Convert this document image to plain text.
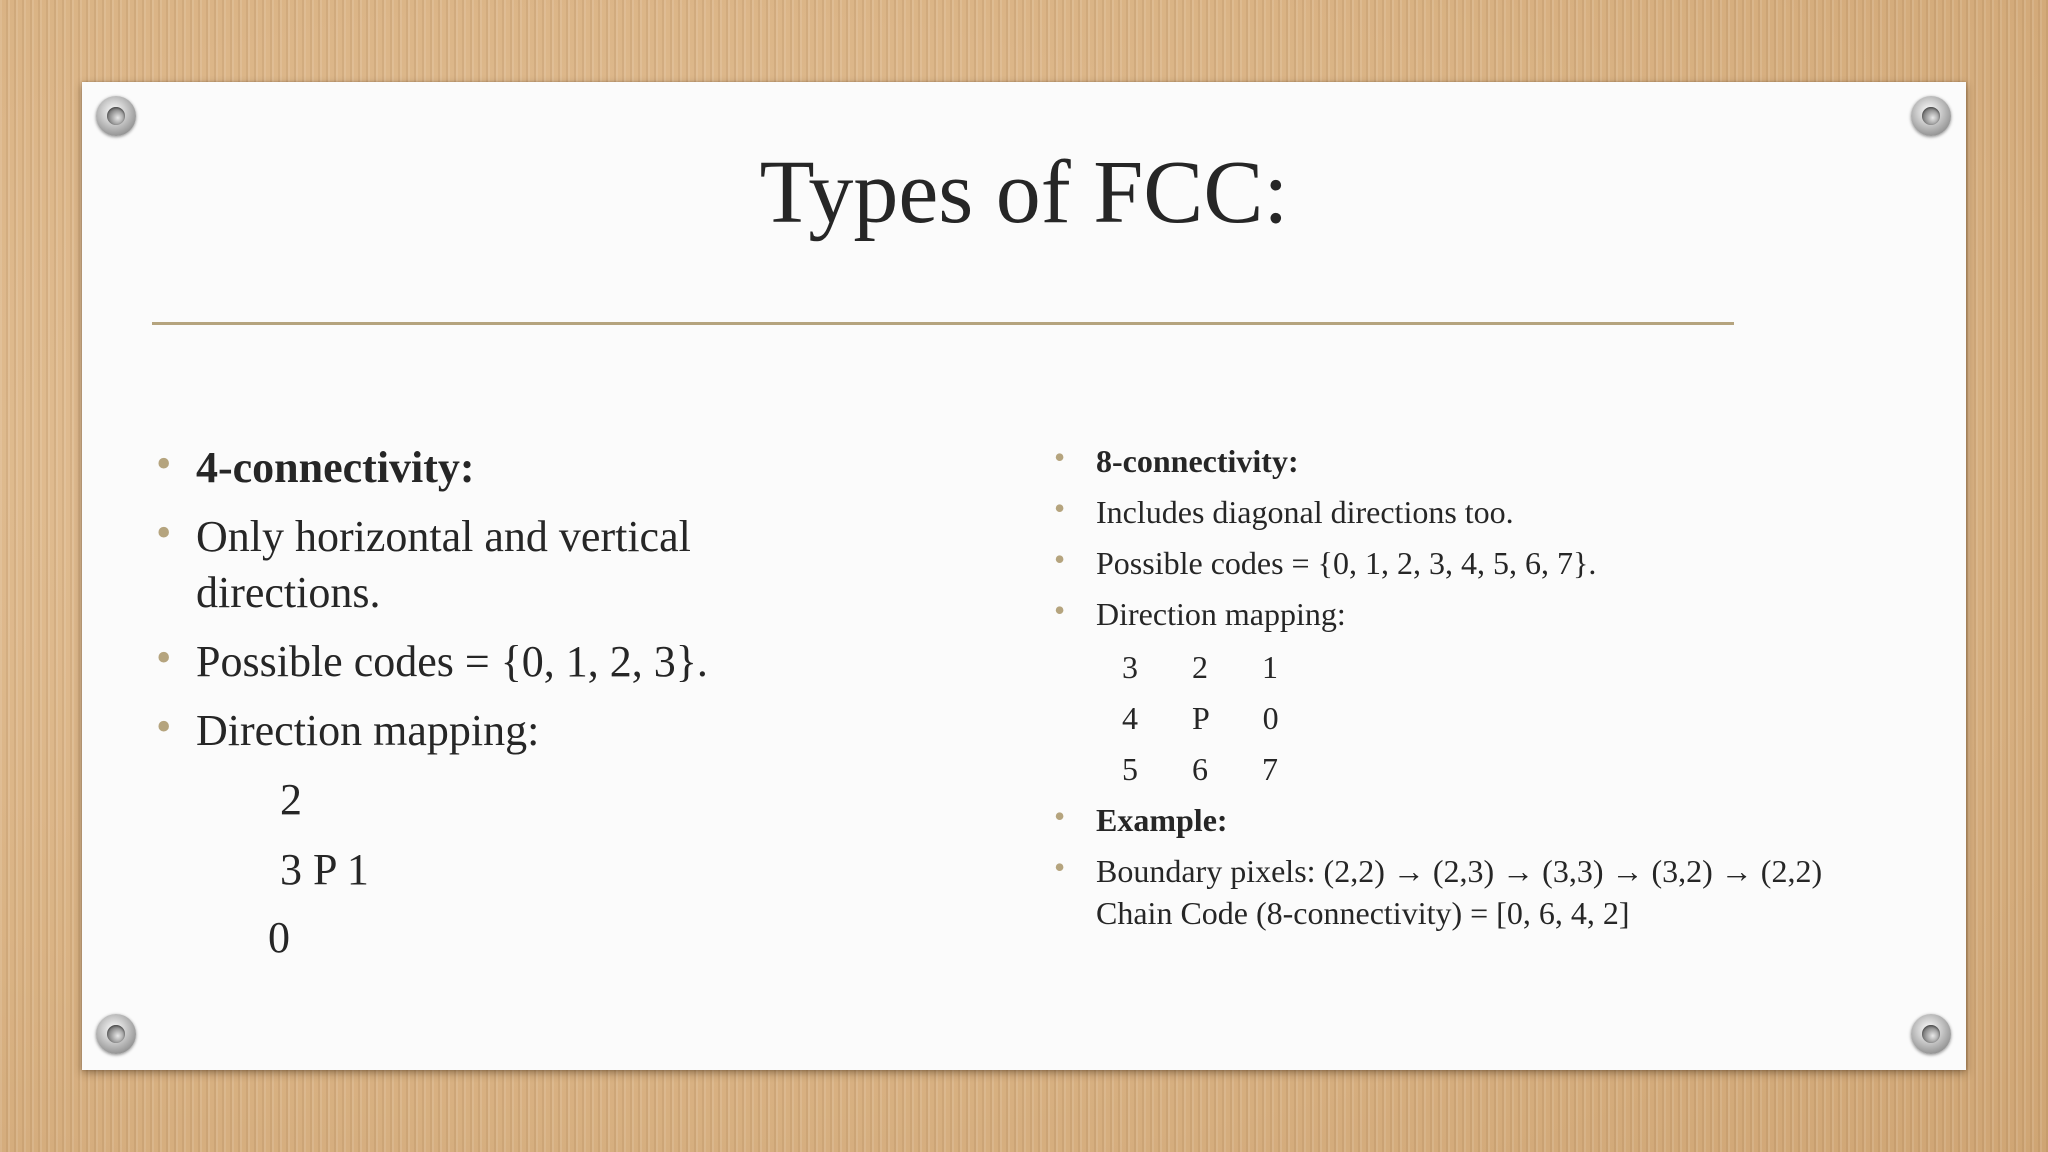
Types of FCC:
• 4-connectivity:
• Only horizontal and vertical directions.
• Possible codes = {0, 1, 2, 3}.
• Direction mapping:
2
3 P 1
0
• 8-connectivity:
• Includes diagonal directions too.
• Possible codes = {0, 1, 2, 3, 4, 5, 6, 7}.
• Direction mapping:
3   2   1
4   P   0
5   6   7
• Example:
• Boundary pixels: (2,2) → (2,3) → (3,3) → (3,2) → (2,2)
Chain Code (8-connectivity) = [0, 6, 4, 2]
